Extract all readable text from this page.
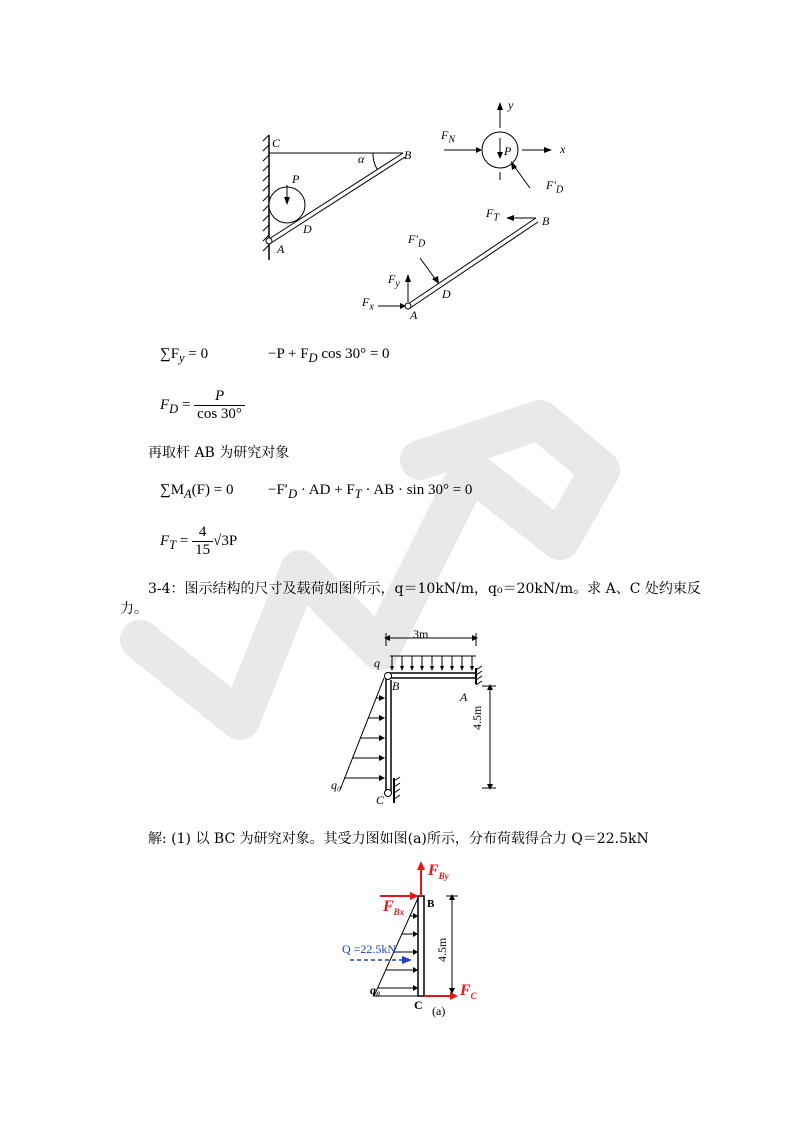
C
B
α
P
D
A
y
x
$F_N$
P
$F'_D$
$F_T$	B
$F'_D$
$F_y$
D
$F_x$
A
$\sum F_y = 0$	$-P + F_D$ cos 30° = 0
$F_D = \frac{P}{\cos 30^\circ}$
再取杆 AB 为研究对象
$\sum M_A(F) = 0 -F'_D$ · AD + $F_T$ · AB · sin 30° = 0
$F_T = \frac{4}{15} √3P$
3-4：图示结构的尺寸及载荷如图所示，q＝10kN/m，q₀＝20kN/m。求 A、C 处约束反
力。
3m
q
B
A
4.5m
q₀
C
解: (1) 以 BC 为研究对象。其受力图如图(a)所示，分布荷载得合力 Q＝22.5kN
$F_{By}$
$F_{Bx}$
B
Q =22.5kN	4.5m
q₀	$F_C$
C (a)
